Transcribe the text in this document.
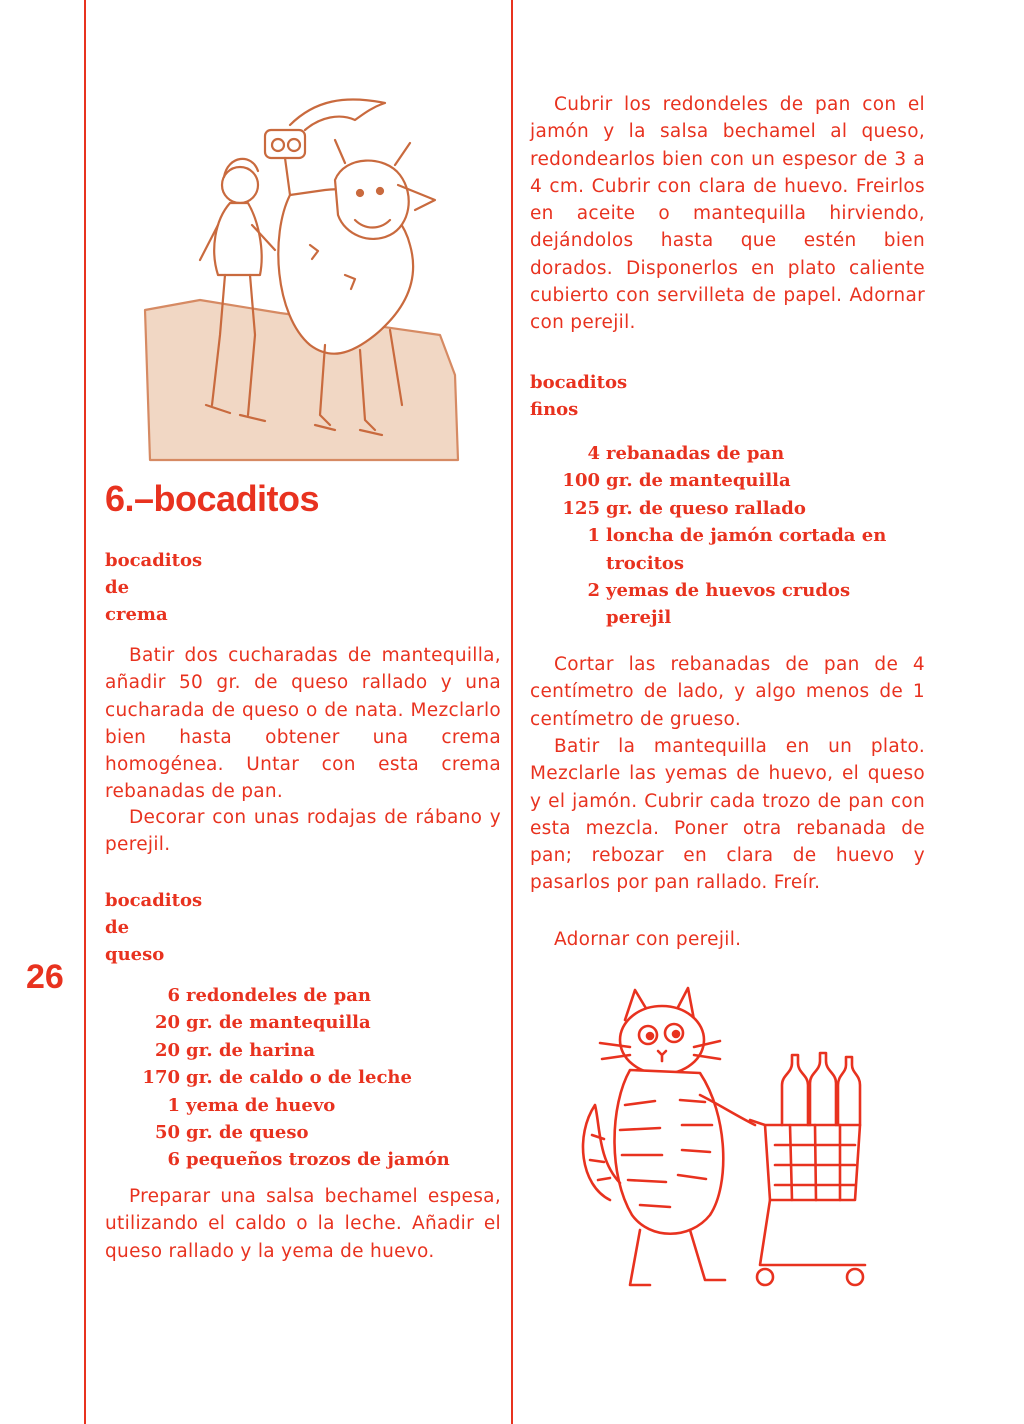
26

6.–bocaditos
bocaditos
de
crema

Batir dos cucharadas de mantequilla, añadir 50 gr. de queso rallado y una cucharada de queso o de nata. Mezclarlo bien hasta obtener una crema homogénea. Untar con esta crema rebanadas de pan.

Decorar con unas rodajas de rábano y perejil.

bocaditos
de
queso
6 redondeles de pan
20 gr. de mantequilla
20 gr. de harina
170 gr. de caldo o de leche
1 yema de huevo
50 gr. de queso
6 pequeños trozos de jamón

Preparar una salsa bechamel espesa, utilizando el caldo o la leche. Añadir el queso rallado y la yema de huevo.

Cubrir los redondeles de pan con el jamón y la salsa bechamel al queso, redondearlos bien con un espesor de 3 a 4 cm. Cubrir con clara de huevo. Freirlos en aceite o mantequilla hirviendo, dejándolos hasta que estén bien dorados. Disponerlos en plato caliente cubierto con servilleta de papel. Adornar con perejil.

bocaditos
finos
4 rebanadas de pan
100 gr. de mantequilla
125 gr. de queso rallado
1 loncha de jamón cortada en trocitos
2 yemas de huevos crudos
perejil

Cortar las rebanadas de pan de 4 centímetro de lado, y algo menos de 1 centímetro de grueso.

Batir la mantequilla en un plato. Mezclarle las yemas de huevo, el queso y el jamón. Cubrir cada trozo de pan con esta mezcla. Poner otra rebanada de pan; rebozar en clara de huevo y pasarlos por pan rallado. Freír.

Adornar con perejil.
